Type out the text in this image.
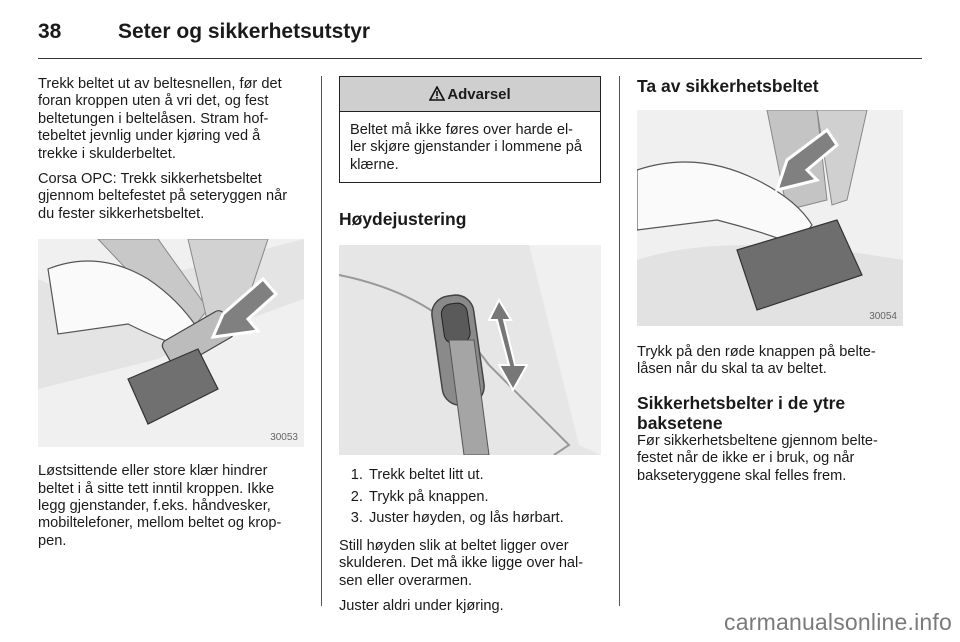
38	Seter og sikkerhetsutstyr

Trekk beltet ut av beltesnellen, før det foran kroppen uten å vri det, og fest beltetungen i beltelåsen. Stram hof- tebeltet jevnlig under kjøring ved å trekke i skulderbeltet.

Corsa OPC: Trekk sikkerhetsbeltet gjennom beltefestet på seteryggen når du fester sikkerhetsbeltet.

30053

Løstsittende eller store klær hindrer beltet i å sitte tett inntil kroppen. Ikke legg gjenstander, f.eks. håndvesker, mobiltelefoner, mellom beltet og krop- pen.

Advarsel

Beltet må ikke føres over harde el- ler skjøre gjenstander i lommene på klærne.

Høydejustering
1. Trekk beltet litt ut.
2. Trykk på knappen.
3. Juster høyden, og lås hørbart.

Still høyden slik at beltet ligger over skulderen. Det må ikke ligge over hal- sen eller overarmen.

Juster aldri under kjøring.

Ta av sikkerhetsbeltet
30054

Trykk på den røde knappen på belte- låsen når du skal ta av beltet.

Sikkerhetsbelter i de ytre
baksetene

Før sikkerhetsbeltene gjennom belte- festet når de ikke er i bruk, og når bakseteryggene skal felles frem.

carmanualsonline.info
